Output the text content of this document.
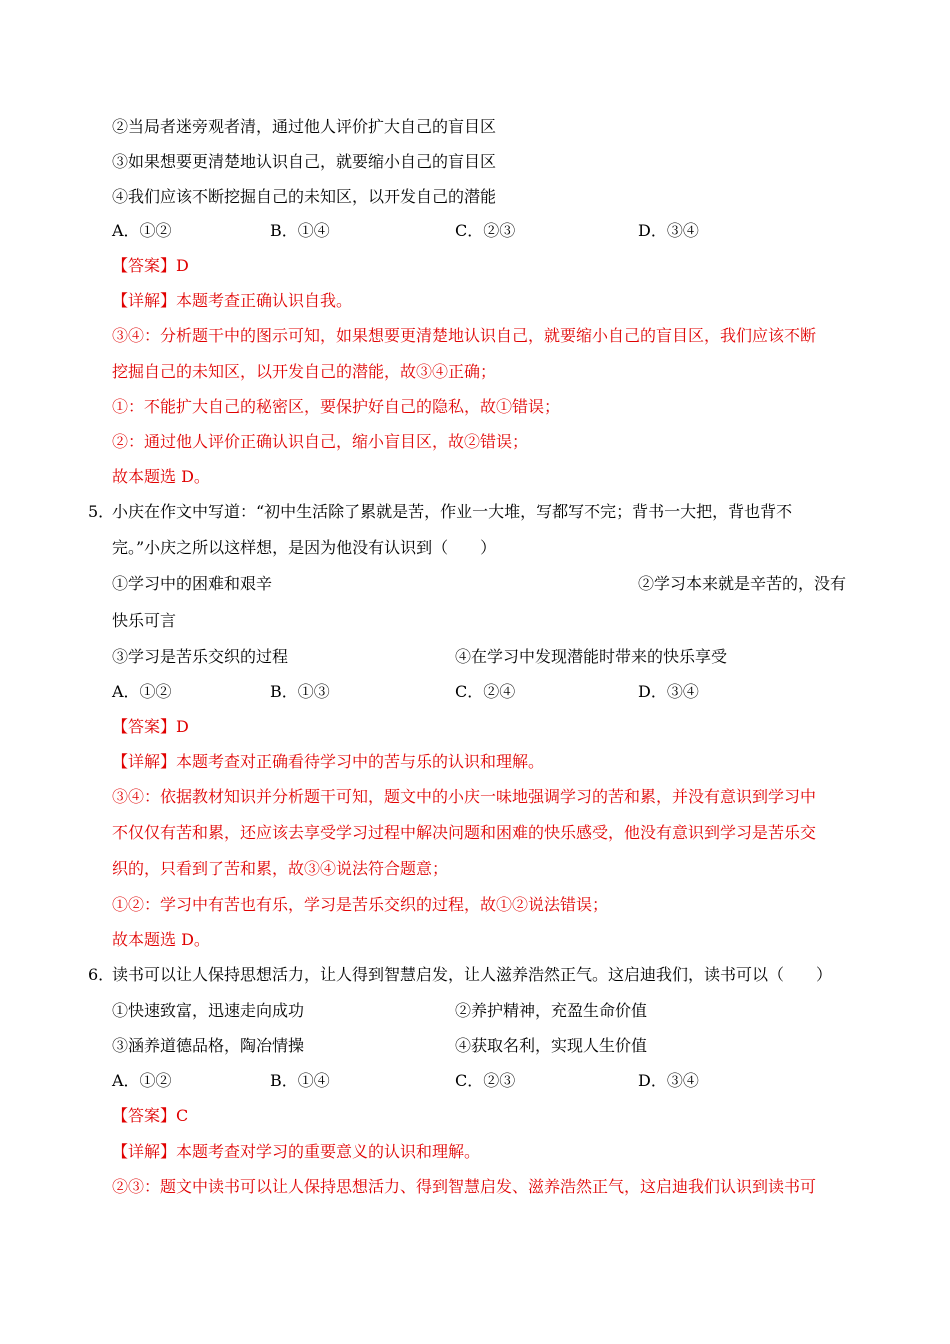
②当局者迷旁观者清，通过他人评价扩大自己的盲目区
③如果想要更清楚地认识自己，就要缩小自己的盲目区
④我们应该不断挖掘自己的未知区，以开发自己的潜能
A．①②	B．①④	C．②③	D．③④
【答案】D
【详解】本题考查正确认识自我。
③④：分析题干中的图示可知，如果想要更清楚地认识自己，就要缩小自己的盲目区，我们应该不断
挖掘自己的未知区，以开发自己的潜能，故③④正确；
①：不能扩大自己的秘密区，要保护好自己的隐私，故①错误；
②：通过他人评价正确认识自己，缩小盲目区，故②错误；
故本题选 D。
5．
小庆在作文中写道：“初中生活除了累就是苦，作业一大堆，写都写不完；背书一大把，背也背不
完。”小庆之所以这样想，是因为他没有认识到（　　）
①学习中的困难和艰辛	②学习本来就是辛苦的，没有
快乐可言
③学习是苦乐交织的过程	④在学习中发现潜能时带来的快乐享受
A．①②	B．①③	C．②④	D．③④
【答案】D
【详解】本题考查对正确看待学习中的苦与乐的认识和理解。
③④：依据教材知识并分析题干可知，题文中的小庆一味地强调学习的苦和累，并没有意识到学习中
不仅仅有苦和累，还应该去享受学习过程中解决问题和困难的快乐感受，他没有意识到学习是苦乐交
织的，只看到了苦和累，故③④说法符合题意；
①②：学习中有苦也有乐，学习是苦乐交织的过程，故①②说法错误；
故本题选 D。
6．
读书可以让人保持思想活力，让人得到智慧启发，让人滋养浩然正气。这启迪我们，读书可以（　　）
①快速致富，迅速走向成功	②养护精神，充盈生命价值
③涵养道德品格，陶冶情操	④获取名利，实现人生价值
A．①②	B．①④	C．②③	D．③④
【答案】C
【详解】本题考查对学习的重要意义的认识和理解。
②③：题文中读书可以让人保持思想活力、得到智慧启发、滋养浩然正气，这启迪我们认识到读书可
